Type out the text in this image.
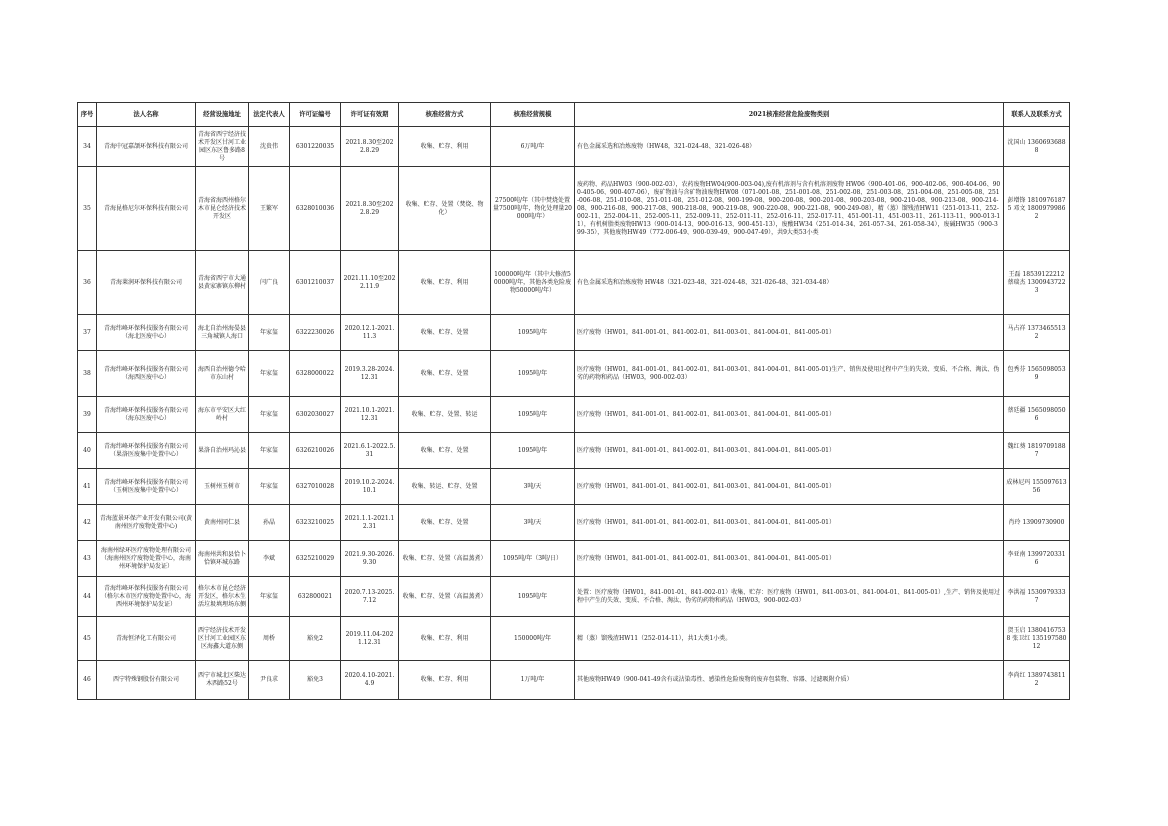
序号	法人名称	经营设施地址	法定代表人	许可证编号	许可证有效期	核准经营方式	核准经营规模	2021核准经营危险废物类别	联系人及联系方式
34	青海中冠嘉颉环保科技有限公司	青海省西宁经济技术开发区甘河工业园区东区鲁多路8号	沈贵伟	6301220035	2021.8.30至2022.8.29	收集、贮存、利用	6万吨/年	有色金属采选和冶炼废物（HW48，321-024-48、321-026-48）	沈国山 13606936888
35	青海昆格尼尔环保科技有限公司	青海省海西州格尔木市昆仑经济技术开发区	王繁军	6328010036	2021.8.30至2022.8.29	收集、贮存、处置（焚烧、物化）	27500吨/年（其中焚烧处置量7500吨/年，物化处理量20000吨/年）	废药物、药品HW03（900-002-03），农药废物HW04(900-003-04),废有机溶剂与含有机溶剂废物 HW06（900-401-06、900-402-06、900-404-06、900-405-06、900-407-06），废矿物油与含矿物油废物HW08（071-001-08、251-001-08、251-002-08、251-003-08、251-004-08、251-005-08、251-006-08、251-010-08、251-011-08、251-012-08、900-199-08、900-200-08、900-201-08、900-203-08、900-210-08、900-213-08、900-214-08、900-216-08、900-217-08、900-218-08、900-219-08、900-220-08、900-221-08、900-249-08），精（蒸）馏残渣HW11（251-013-11、252-002-11、252-004-11、252-005-11、252-009-11、252-011-11、252-016-11、252-017-11、451-001-11、451-003-11、261-113-11、900-013-11），有机树脂类废物HW13（900-014-13、900-016-13、900-451-13），废酸HW34（251-014-34、261-057-34、261-058-34），废碱HW35（900-399-35），其他废物HW49（772-006-49、900-039-49、900-047-49），共9大类53小类	彭增锋 18109761875 邓文 18009799862
36	青海莱润环保科技有限公司	青海省西宁市大通县黄家寨镇东柳村	闫广良	6301210037	2021.11.10至2022.11.9	收集、贮存、利用	100000吨/年（其中大修渣50000吨/年，其他各类危险废物50000吨/年）	有色金属采选和冶炼废物 HW48（321-023-48、321-024-48、321-026-48、321-034-48）	王磊 18539122212 蔡瑞杰 13009437223
37	青海纬峰环保科技服务有限公司（海北医废中心）	海北自治州海晏县三角城镇人海口	年家玺	6322230026	2020.12.1-2021.11.3	收集、贮存、处置	1095吨/年	医疗废物（HW01，841-001-01、841-002-01、841-003-01、841-004-01、841-005-01）	马占祥 13734655132
38	青海纬峰环保科技服务有限公司（海西医废中心）	海西自治州德令哈市东山村	年家玺	6328000022	2019.3.28-2024.12.31	收集、贮存、处置	1095吨/年	医疗废物（HW01，841-001-01、841-002-01、841-003-01、841-004-01、841-005-01)生产、销售及使用过程中产生的失效、变质、不合格、淘汰、伪劣的药物和药品（HW03，900-002-03）	包秀芬 15650980539
39	青海纬峰环保科技服务有限公司（海东医废中心）	海东市平安区大红岭村	年家玺	6302030027	2021.10.1-2021.12.31	收集、贮存、处置、转运	1095吨/年	医疗废物（HW01，841-001-01、841-002-01、841-003-01、841-004-01、841-005-01）	蔡廷疆 15650980506
40	青海纬峰环保科技服务有限公司（果洛医废集中处置中心）	果洛自治州玛沁县	年家玺	6326210026	2021.6.1-2022.5.31	收集、贮存、处置	1095吨/年	医疗废物（HW01，841-001-01、841-002-01、841-003-01、841-004-01、841-005-01）	魏红葵 18197091887
41	青海纬峰环保科技服务有限公司（玉树医废集中处置中心）	玉树州玉树市	年家玺	6327010028	2019.10.2-2024.10.1	收集、转运、贮存、处置	3吨/天	医疗废物（HW01，841-001-01、841-002-01、841-003-01、841-004-01、841-005-01）	成林尼玛 15509761356
42	青海蓝景环保产业开发有限公司(黄南州医疗废物处置中心)	黄南州同仁县	孙晶	6323210025	2021.1.1-2021.12.31	收集、贮存、处置	3吨/天	医疗废物（HW01，841-001-01、841-002-01、841-003-01、841-004-01、841-005-01）	肖玲 13909730900
43	海南州绿环医疗废物处理有限公司（海南州医疗废物处置中心，海南州环境保护局发证）	海南州共和县恰卜恰镇环城东路	李斌	6325210029	2021.9.30-2026.9.30	收集、贮存、处置（高温蒸煮）	1095吨/年（3吨/日）	医疗废物（HW01，841-001-01、841-002-01、841-003-01、841-004-01、841-005-01）	李亚南 13997203316
44	青海纬峰环保科技服务有限公司（格尔木市医疗废物处置中心，海西州环境保护局发证）	格尔木市昆仑经济开发区，格尔木生活垃圾填埋场东侧	年家玺	632800021	2020.7.13-2025.7.12	收集、贮存、处置（高温蒸煮）	1095吨/年	处置：医疗废物（HW01，841-001-01、841-002-01）收集、贮存：医疗废物（HW01，841-003-01、841-004-01、841-005-01）,生产、销售及使用过程中产生的失效、变质、不合格、淘汰、伪劣的药物和药品（HW03，900-002-03）	李洪福 15309793337
45	青海恒泽化工有限公司	西宁经济技术开发区甘河工业园区东区海鑫大道东侧	周桥	豁免2	2019.11.04-2021.12.31	收集、贮存、利用	150000吨/年	精（蒸）馏残渣HW11（252-014-11），共1大类1小类。	贺玉启 13804167538 张卫红 13519758012
46	西宁特殊钢股份有限公司	西宁市城北区柴达木西路52号	尹良求	豁免3	2020.4.10-2021.4.9	收集、贮存、利用	1万吨/年	其他废物HW49（900-041-49含有或沾染毒性、感染性危险废物的废弃包装物、容器、过滤吸附介质）	李尚红 13897438112
